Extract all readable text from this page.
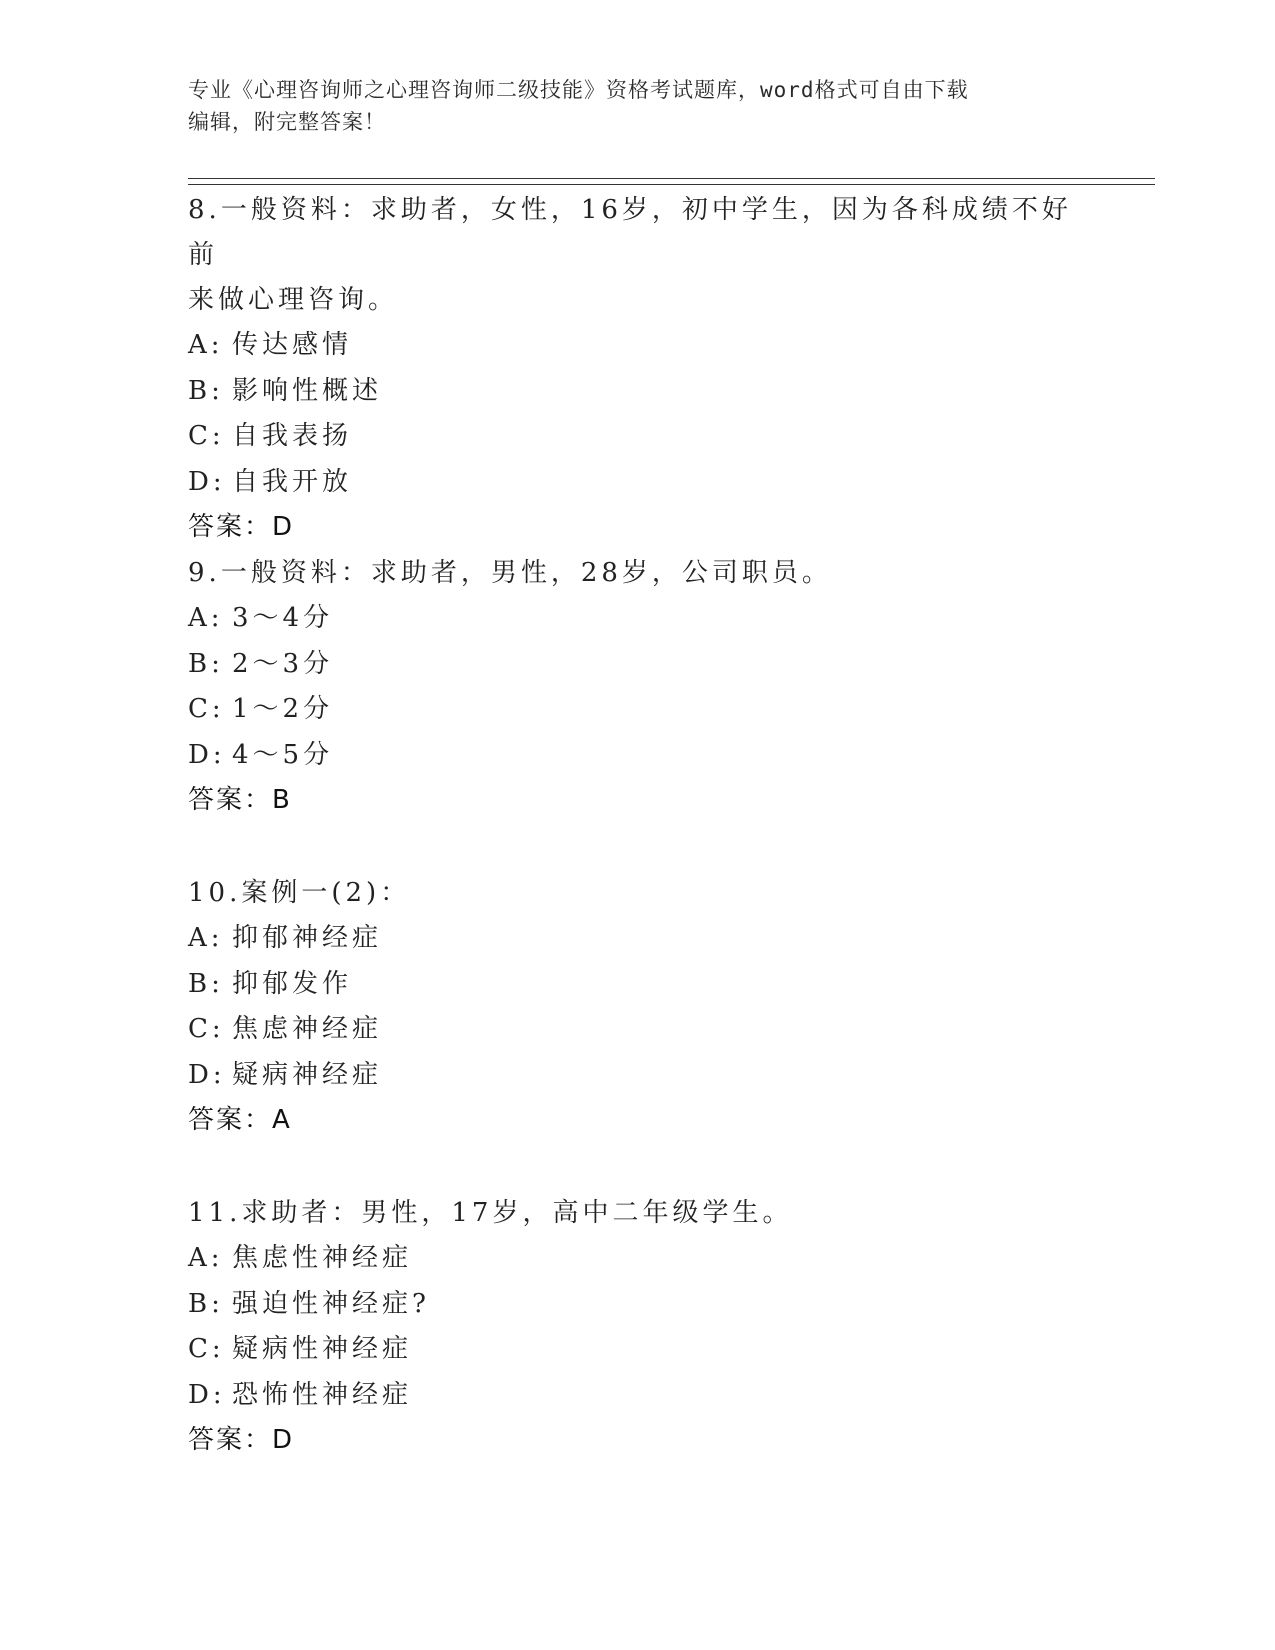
专业《心理咨询师之心理咨询师二级技能》资格考试题库，word格式可自由下载
编辑，附完整答案！

8.一般资料：求助者，女性，16岁，初中学生，因为各科成绩不好前

来做心理咨询。

A: 传达感情

B: 影响性概述

C: 自我表扬

D: 自我开放

答案：D

9.一般资料：求助者，男性，28岁，公司职员。

A: 3～4分

B: 2～3分

C: 1～2分

D: 4～5分

答案：B

10.案例一(2)：

A: 抑郁神经症

B: 抑郁发作

C: 焦虑神经症

D: 疑病神经症

答案：A

11.求助者：男性，17岁，高中二年级学生。

A: 焦虑性神经症

B: 强迫性神经症?

C: 疑病性神经症

D: 恐怖性神经症

答案：D
